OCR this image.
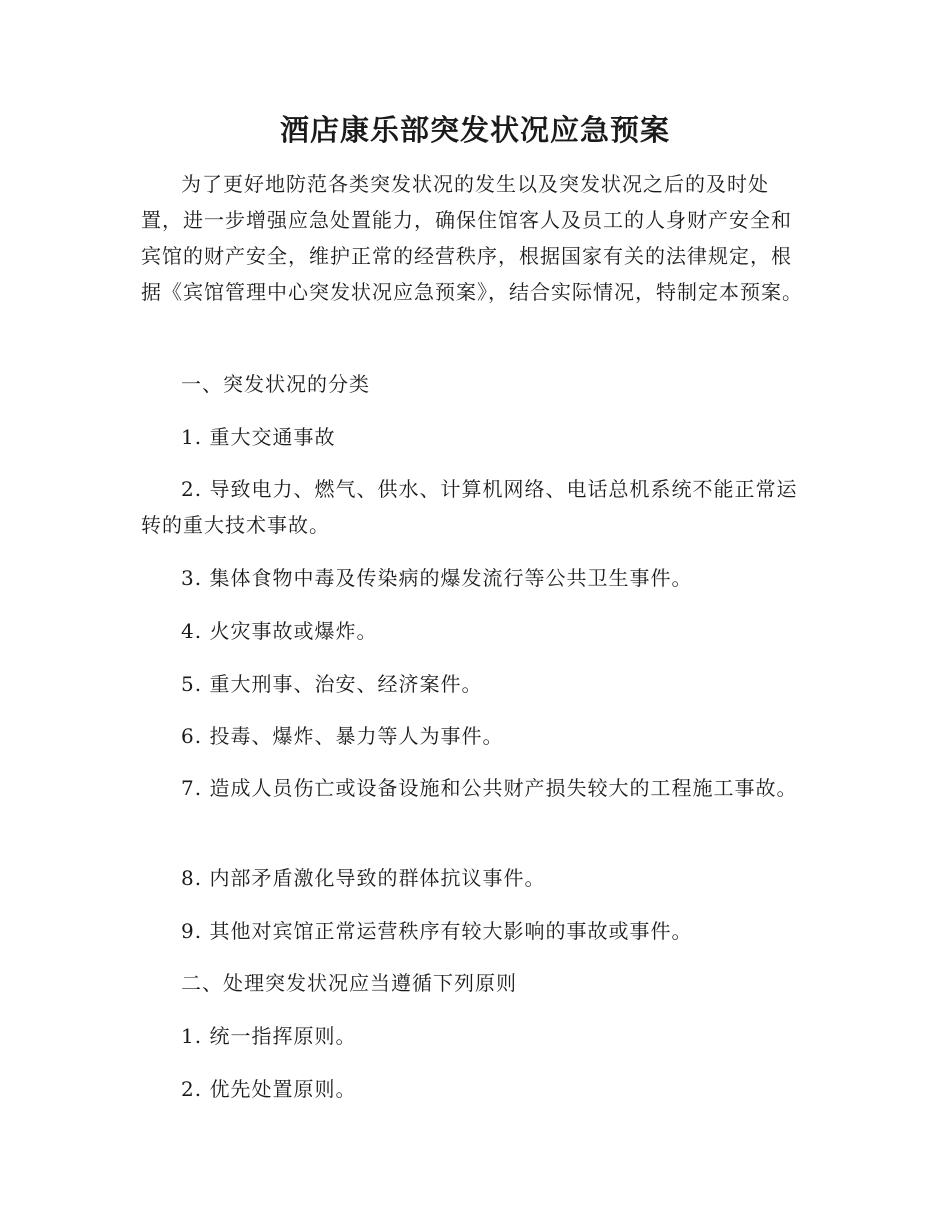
酒店康乐部突发状况应急预案

为了更好地防范各类突发状况的发生以及突发状况之后的及时处置，进一步增强应急处置能力，确保住馆客人及员工的人身财产安全和宾馆的财产安全，维护正常的经营秩序，根据国家有关的法律规定，根据《宾馆管理中心突发状况应急预案》，结合实际情况，特制定本预案。

一、突发状况的分类

1. 重大交通事故

2. 导致电力、燃气、供水、计算机网络、电话总机系统不能正常运转的重大技术事故。

3. 集体食物中毒及传染病的爆发流行等公共卫生事件。

4. 火灾事故或爆炸。

5. 重大刑事、治安、经济案件。

6. 投毒、爆炸、暴力等人为事件。

7. 造成人员伤亡或设备设施和公共财产损失较大的工程施工事故。

8. 内部矛盾激化导致的群体抗议事件。

9. 其他对宾馆正常运营秩序有较大影响的事故或事件。

二、处理突发状况应当遵循下列原则

1. 统一指挥原则。

2. 优先处置原则。
